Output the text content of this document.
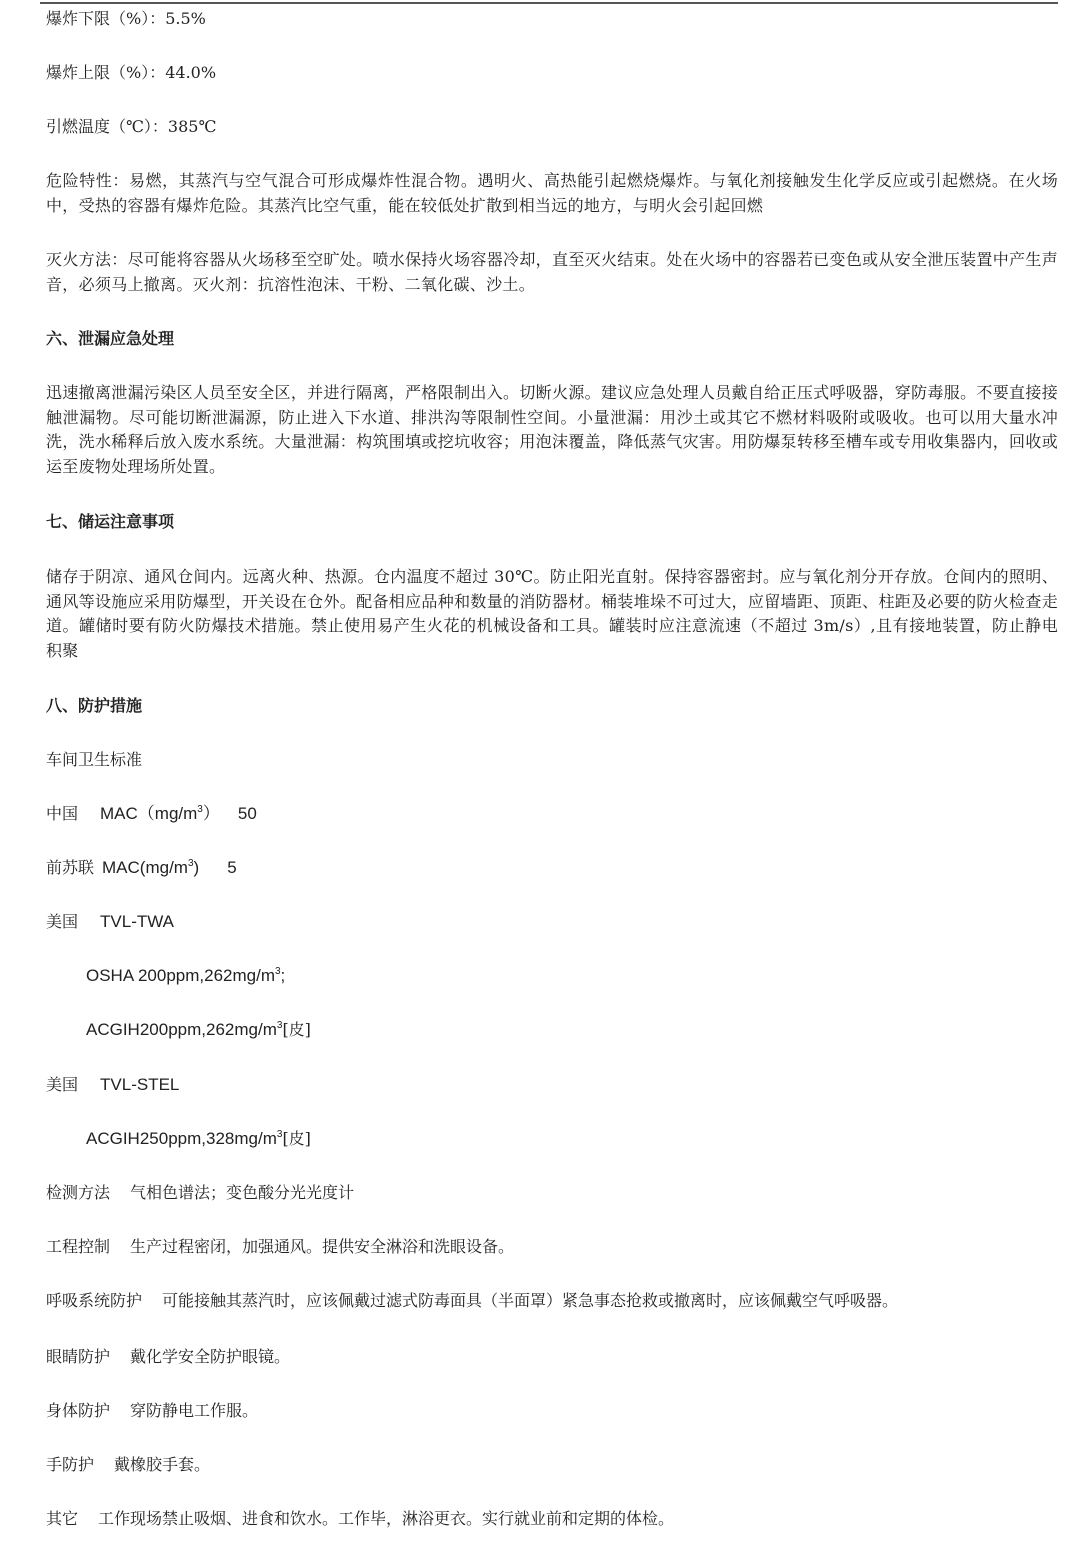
爆炸下限（%）：5.5%
爆炸上限（%）：44.0%
引燃温度（℃）：385℃
危险特性：易燃，其蒸汽与空气混合可形成爆炸性混合物。遇明火、高热能引起燃烧爆炸。与氧化剂接触发生化学反应或引起燃烧。在火场中，受热的容器有爆炸危险。其蒸汽比空气重，能在较低处扩散到相当远的地方，与明火会引起回燃
灭火方法：尽可能将容器从火场移至空旷处。喷水保持火场容器冷却，直至灭火结束。处在火场中的容器若已变色或从安全泄压装置中产生声音，必须马上撤离。灭火剂：抗溶性泡沫、干粉、二氧化碳、沙土。
六、泄漏应急处理
迅速撤离泄漏污染区人员至安全区，并进行隔离，严格限制出入。切断火源。建议应急处理人员戴自给正压式呼吸器，穿防毒服。不要直接接触泄漏物。尽可能切断泄漏源，防止进入下水道、排洪沟等限制性空间。小量泄漏：用沙土或其它不燃材料吸附或吸收。也可以用大量水冲洗，洗水稀释后放入废水系统。大量泄漏：构筑围填或挖坑收容；用泡沫覆盖，降低蒸气灾害。用防爆泵转移至槽车或专用收集器内，回收或运至废物处理场所处置。
七、储运注意事项
储存于阴凉、通风仓间内。远离火种、热源。仓内温度不超过 30℃。防止阳光直射。保持容器密封。应与氧化剂分开存放。仓间内的照明、通风等设施应采用防爆型，开关设在仓外。配备相应品种和数量的消防器材。桶装堆垛不可过大，应留墙距、顶距、柱距及必要的防火检查走道。罐储时要有防火防爆技术措施。禁止使用易产生火花的机械设备和工具。罐装时应注意流速（不超过 3m/s）,且有接地装置，防止静电积聚
八、防护措施
车间卫生标准
中国 $MAC(mg/m^3)$ 50
前苏联 $MAC(mg/m^3)$ 5
美国 TVL-TWA
OSHA $200ppm,262mg/m^3$;
$ACGIH200ppm,262mg/m^3$[皮]
美国 TVL-STEL
$ACGIH250ppm,328mg/m^3$[皮]
检测方法 气相色谱法；变色酸分光光度计
工程控制 生产过程密闭，加强通风。提供安全淋浴和洗眼设备。
呼吸系统防护 可能接触其蒸汽时，应该佩戴过滤式防毒面具（半面罩）紧急事态抢救或撤离时，应该佩戴空气呼吸器。
眼睛防护 戴化学安全防护眼镜。
身体防护 穿防静电工作服。
手防护 戴橡胶手套。
其它 工作现场禁止吸烟、进食和饮水。工作毕，淋浴更衣。实行就业前和定期的体检。
